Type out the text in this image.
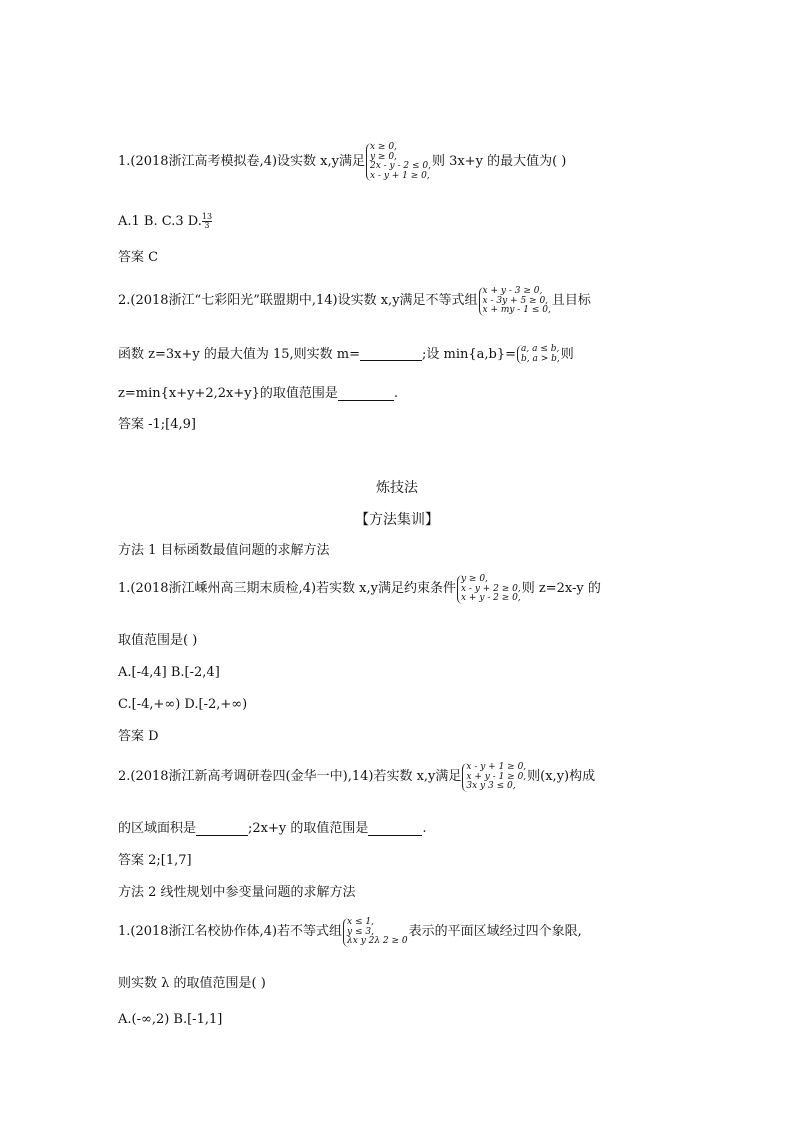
1.(2018浙江高考模拟卷,4)设实数 x,y满足
x ≥ 0,
y ≥ 0,
2x - y - 2 ≤ 0,
x - y + 1 ≥ 0,
则 3x+y 的最大值为( )
A.1 B. C.3 D. $\frac{13}{3}$
答案 C
2.(2018浙江“七彩阳光”联盟期中,14)设实数 x,y满足不等式组
x + y - 3 ≥ 0,
x - 3y + 5 ≥ 0,
x + my - 1 ≤ 0,
且目标
函数 z=3x+y 的最大值为 15,则实数 m=	;设 min{a,b}= a, a ≤ b,
b, a > b, 则
z=min{x+y+2,2x+y}的取值范围是	.
答案 -1;[4,9]
炼技法
【方法集训】
方法 1 目标函数最值问题的求解方法
1.(2018浙江嵊州高三期末质检,4)若实数 x,y满足约束条件
y ≥ 0,
x - y + 2 ≥ 0,
x + y - 2 ≥ 0,
则 z=2x-y 的
取值范围是( )
A.[-4,4] B.[-2,4]
C.[-4,+∞) D.[-2,+∞)
答案 D
2.(2018浙江新高考调研卷四(金华一中),14)若实数 x,y满足
x - y + 1 ≥ 0,
x + y - 1 ≥ 0,
3x y 3 ≤ 0,
则(x,y)构成
的区域面积是	;2x+y 的取值范围是	.
答案 2;[1,7]
方法 2 线性规划中参变量问题的求解方法
1.(2018浙江名校协作体,4)若不等式组
x ≤ 1,
y ≤ 3,
λx y 2λ 2 ≥ 0
表示的平面区域经过四个象限,
则实数 λ 的取值范围是( )
A.(-∞,2) B.[-1,1]
